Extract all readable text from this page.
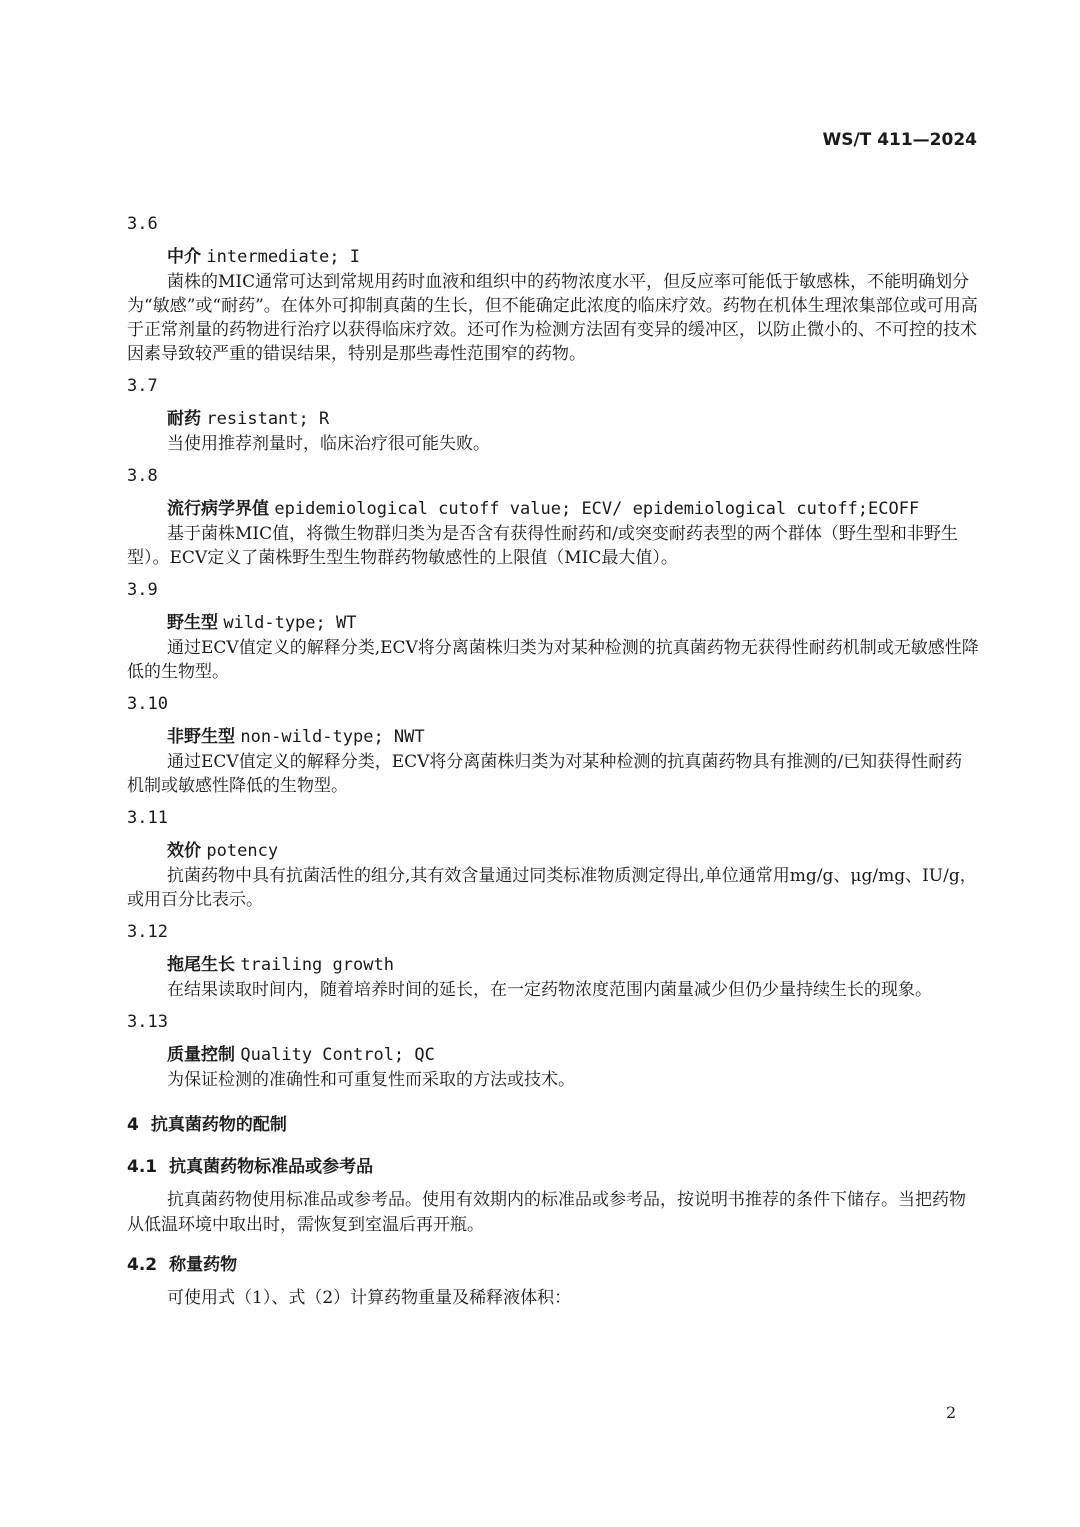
WS/T 411—2024
3.6
中介 intermediate; I
菌株的MIC通常可达到常规用药时血液和组织中的药物浓度水平，但反应率可能低于敏感株，不能明确划分为“敏感”或“耐药”。在体外可抑制真菌的生长，但不能确定此浓度的临床疗效。药物在机体生理浓集部位或可用高于正常剂量的药物进行治疗以获得临床疗效。还可作为检测方法固有变异的缓冲区，以防止微小的、不可控的技术因素导致较严重的错误结果，特别是那些毒性范围窄的药物。
3.7
耐药 resistant; R
当使用推荐剂量时，临床治疗很可能失败。
3.8
流行病学界值 epidemiological cutoff value; ECV/ epidemiological cutoff;ECOFF
基于菌株MIC值，将微生物群归类为是否含有获得性耐药和/或突变耐药表型的两个群体（野生型和非野生型）。ECV定义了菌株野生型生物群药物敏感性的上限值（MIC最大值）。
3.9
野生型 wild-type; WT
通过ECV值定义的解释分类,ECV将分离菌株归类为对某种检测的抗真菌药物无获得性耐药机制或无敏感性降低的生物型。
3.10
非野生型 non-wild-type; NWT
通过ECV值定义的解释分类，ECV将分离菌株归类为对某种检测的抗真菌药物具有推测的/已知获得性耐药机制或敏感性降低的生物型。
3.11
效价 potency
抗菌药物中具有抗菌活性的组分,其有效含量通过同类标准物质测定得出,单位通常用mg/g、μg/mg、IU/g，或用百分比表示。
3.12
拖尾生长 trailing growth
在结果读取时间内，随着培养时间的延长，在一定药物浓度范围内菌量减少但仍少量持续生长的现象。
3.13
质量控制 Quality Control; QC
为保证检测的准确性和可重复性而采取的方法或技术。
4 抗真菌药物的配制
4.1 抗真菌药物标准品或参考品
抗真菌药物使用标准品或参考品。使用有效期内的标准品或参考品，按说明书推荐的条件下储存。当把药物从低温环境中取出时，需恢复到室温后再开瓶。
4.2 称量药物
可使用式（1）、式（2）计算药物重量及稀释液体积：
2
